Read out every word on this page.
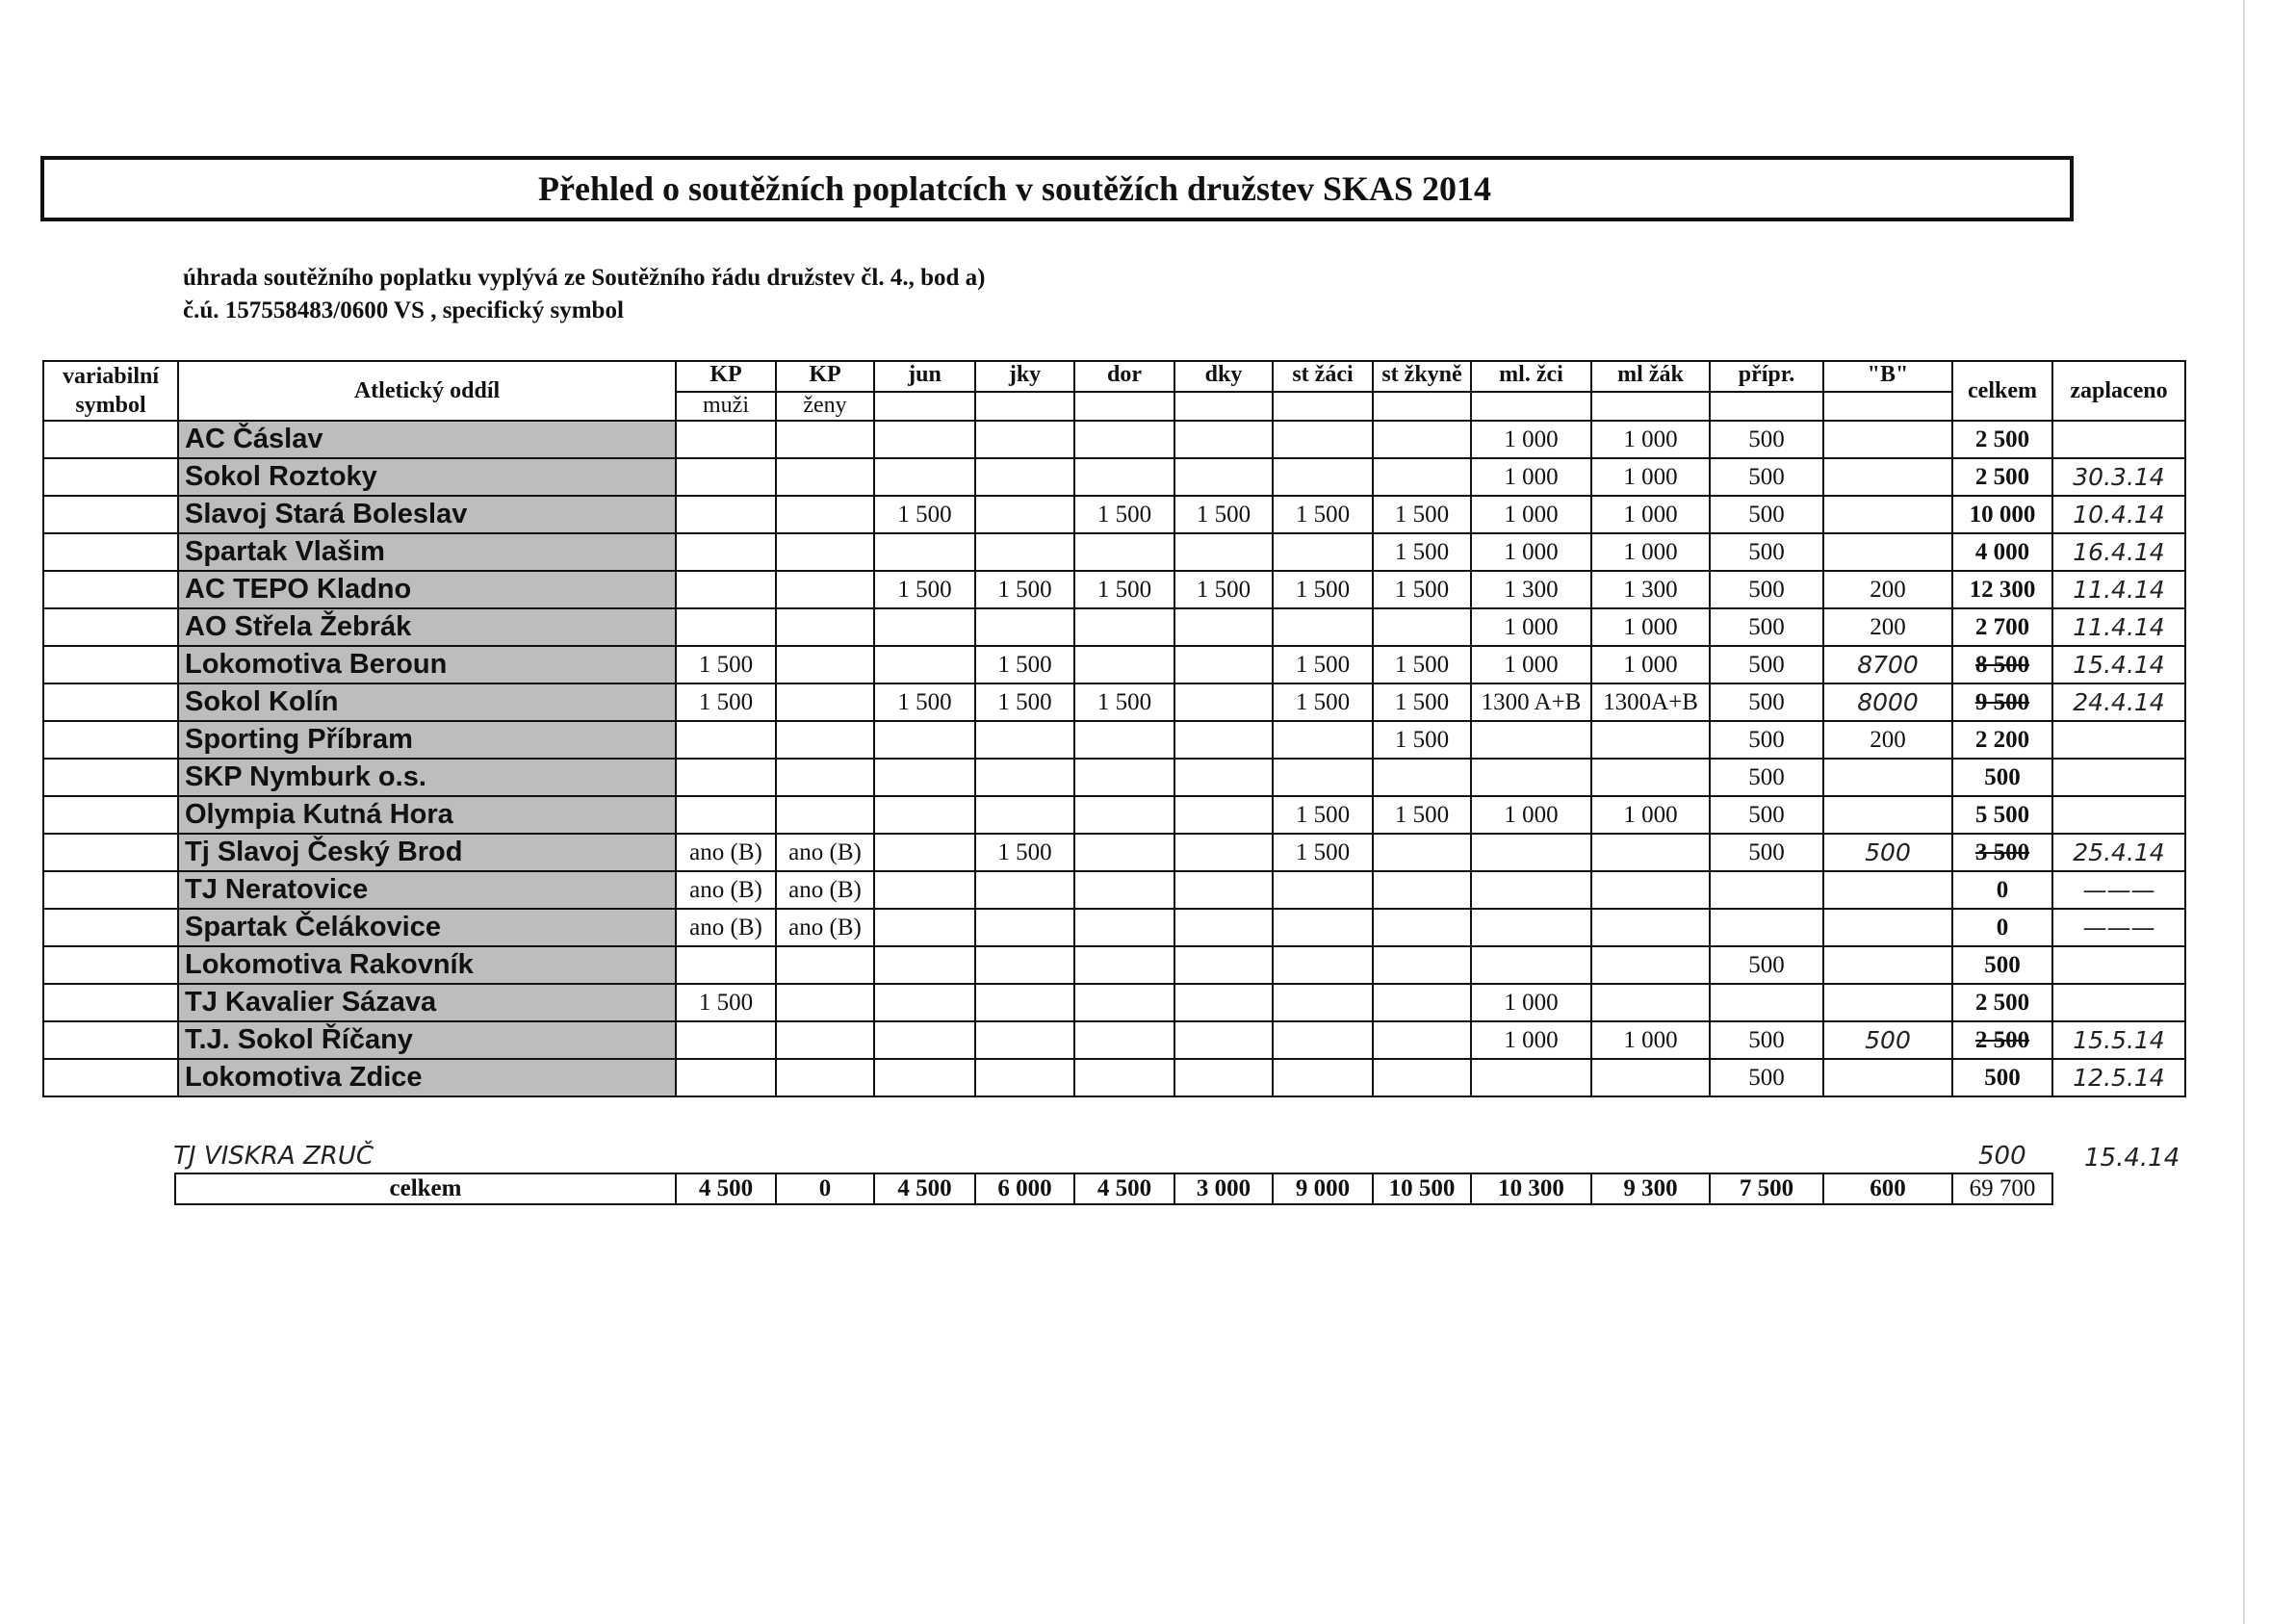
Přehled o soutěžních poplatcích v soutěžích družstev SKAS 2014
úhrada soutěžního poplatku vyplývá ze Soutěžního řádu družstev čl. 4., bod a)
č.ú. 157558483/0600 VS , specifický symbol
variabilní
symbol	Atletický oddíl	KP	KP	jun	jky	dor	dky	st žáci	st žkyně	ml. žci	ml žák	přípr.	"B"	celkem	zaplaceno
		muži	ženy												
	AC Čáslav									1 000	1 000	500		2 500	
	Sokol Roztoky									1 000	1 000	500		2 500	30.3.14
	Slavoj Stará Boleslav			1 500		1 500	1 500	1 500	1 500	1 000	1 000	500		10 000	10.4.14
	Spartak Vlašim								1 500	1 000	1 000	500		4 000	16.4.14
	AC TEPO Kladno			1 500	1 500	1 500	1 500	1 500	1 500	1 300	1 300	500	200	12 300	11.4.14
	AO Střela Žebrák									1 000	1 000	500	200	2 700	11.4.14
	Lokomotiva Beroun	1 500			1 500			1 500	1 500	1 000	1 000	500	8700	8 500	15.4.14
	Sokol Kolín	1 500		1 500	1 500	1 500		1 500	1 500	1300 A+B	1300A+B	500	8000	9 500	24.4.14
	Sporting Příbram								1 500			500	200	2 200	
	SKP Nymburk o.s.											500		500	
	Olympia Kutná Hora							1 500	1 500	1 000	1 000	500		5 500	
	Tj Slavoj Český Brod	ano (B)	ano (B)		1 500			1 500				500	500	3 500	25.4.14
	TJ Neratovice	ano (B)	ano (B)											0	———
	Spartak Čelákovice	ano (B)	ano (B)											0	———
	Lokomotiva Rakovník											500		500	
	TJ Kavalier Sázava	1 500								1 000				2 500	
	T.J. Sokol Říčany									1 000	1 000	500	500	2 500	15.5.14
	Lokomotiva Zdice											500		500	12.5.14
TJ VISKRA ZRUČ	500 15.4.14
celkem	4 500	0	4 500	6 000	4 500	3 000	9 000	10 500	10 300	9 300	7 500	600	69 700
